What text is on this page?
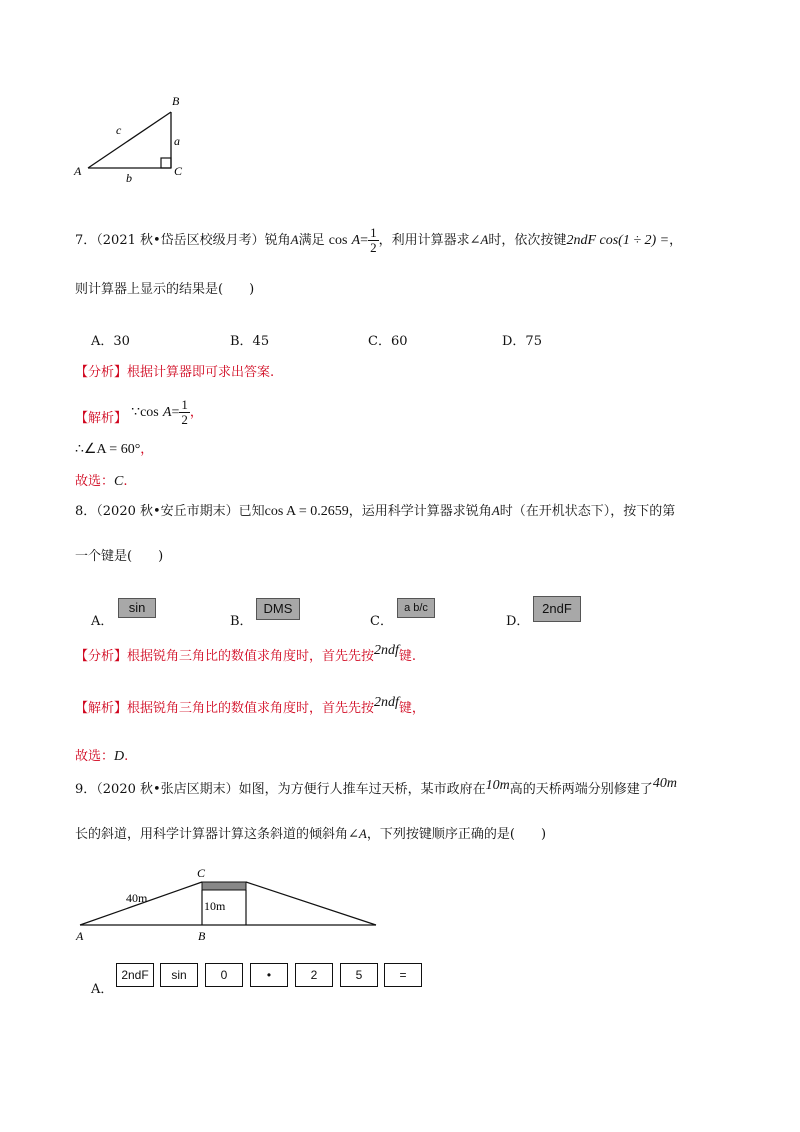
B
c
a
A	b	C
7．（2021 秋•岱岳区校级月考）锐角A满足 $\cos A= \frac{1}{2}$ ，利用计算器求∠A时，依次按键2ndF cos(1 ÷ 2) =，
则计算器上显示的结果是(　　)
A．30	B．45	C．60	D．75
【分析】根据计算器即可求出答案.
【解析】 ∵cos $A= \frac{1}{2}$ ，
∴∠A = 60°，
故选：C.
8．（2020 秋•安丘市期末）已知cos A = 0.2659，运用科学计算器求锐角A时（在开机状态下），按下的第
一个键是(　　)
A．
sin
B．
DMS
C．
a b/c
D．
2ndF
【分析】根据锐角三角比的数值求角度时，首先先按2ndf键.
【解析】根据锐角三角比的数值求角度时，首先先按2ndf键，
故选：D.
9．（2020 秋•张店区期末）如图，为方便行人推车过天桥，某市政府在10m高的天桥两端分别修建了40m
长的斜道，用科学计算器计算这条斜道的倾斜角∠A，下列按键顺序正确的是(　　)
C
40m
10m
A	B
A．
2ndF	sin	0	•	2	5	=
